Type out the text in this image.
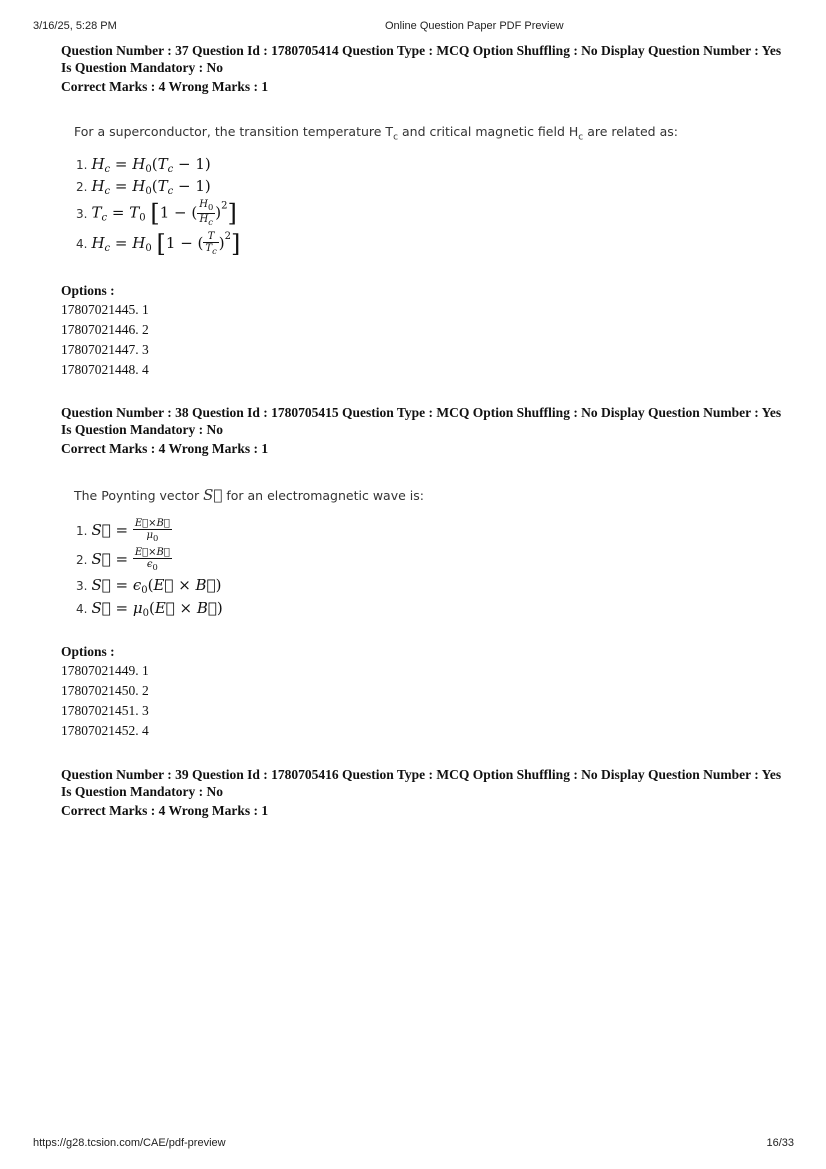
3/16/25, 5:28 PM	Online Question Paper PDF Preview
Question Number : 37 Question Id : 1780705414 Question Type : MCQ Option Shuffling : No Display Question Number : Yes
Is Question Mandatory : No
Correct Marks : 4 Wrong Marks : 1
For a superconductor, the transition temperature $T_c$ and critical magnetic field $H_c$ are related as:
1. $H_c = H_0(T_c - 1)$
2. $H_c = H_0(T_c - 1)$
3. $T_c = T_0$ [1 − ( $\frac{H_0}{H_c} )^2$]
4. $H_c = H_0$ [1 − ( $\frac{T}{T_c} )^2$]
Options :
17807021445. 1
17807021446. 2
17807021447. 3
17807021448. 4
Question Number : 38 Question Id : 1780705415 Question Type : MCQ Option Shuffling : No Display Question Number : Yes
Is Question Mandatory : No
Correct Marks : 4 Wrong Marks : 1
The Poynting vector S⃗ for an electromagnetic wave is:
1. S⃗ = $\frac{E⃗\times B⃗}{\mu_0}$
2. S⃗ = $\frac{E⃗\times B⃗}{\epsilon_0}$
3. S⃗ = $\epsilon_0(E⃗$ × B⃗)
4. S⃗ = $\mu_0(E⃗$ × B⃗)
Options :
17807021449. 1
17807021450. 2
17807021451. 3
17807021452. 4
Question Number : 39 Question Id : 1780705416 Question Type : MCQ Option Shuffling : No Display Question Number : Yes
Is Question Mandatory : No
Correct Marks : 4 Wrong Marks : 1
https://g28.tcsion.com/CAE/pdf-preview	16/33
